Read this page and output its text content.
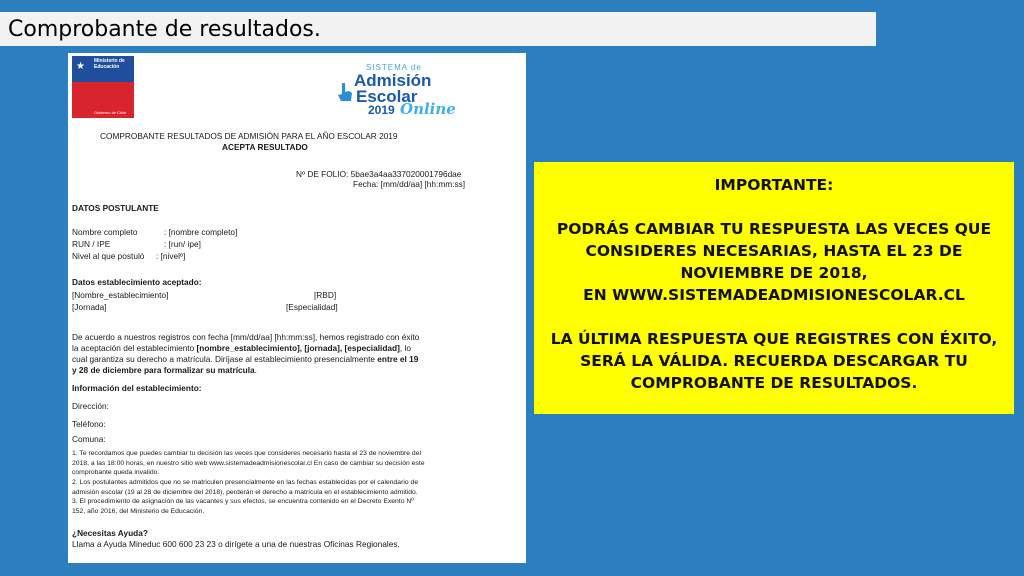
Comprobante de resultados.
★ Ministerio de
Educación
Gobierno de Chile
SISTEMA de
Admisión
Escolar
2019 Online
COMPROBANTE RESULTADOS DE ADMISIÓN PARA EL AÑO ESCOLAR 2019
ACEPTA RESULTADO
Nº DE FOLIO: 5bae3a4aa337020001796dae
Fecha: [mm/dd/aa] [hh:mm:ss]
DATOS POSTULANTE
Nombre completo	: [nombre completo]
RUN / IPE	: [run/ ipe]
Nivel al que postuló : [nivelº]
Datos establecimiento aceptado:
[Nombre_establecimiento]	[RBD]
[Jornada]	[Especialidad]
De acuerdo a nuestros registros con fecha [mm/dd/aa] [hh:mm:ss], hemos registrado con éxito
la aceptación del establecimiento [nombre_establecimiento], [jornada], [especialidad], lo
cual garantiza su derecho a matrícula. Diríjase al establecimiento presencialmente entre el 19
y 28 de diciembre para formalizar su matrícula.
Información del establecimiento:
Dirección:
Teléfono:
Comuna:
1. Te recordamos que puedes cambiar tu decisión las veces que consideres necesario hasta el 23 de noviembre del
2018, a las 18:00 horas, en nuestro sitio web www.sistemadeadmisionescolar.cl En caso de cambiar su decisión este
comprobante queda invalido.
2. Los postulantes admitidos que no se matriculen presencialmente en las fechas establecidas por el calendario de
admisión escolar (19 al 28 de diciembre del 2018), perderán el derecho a matrícula en el establecimiento admitido.
3. El procedimiento de asignación de las vacantes y sus efectos, se encuentra contenido en el Decreto Exento Nº
152, año 2016, del Ministerio de Educación.
¿Necesitas Ayuda?
Llama a Ayuda Mineduc 600 600 23 23 o dirígete a una de nuestras Oficinas Regionales.
IMPORTANTE:
PODRÁS CAMBIAR TU RESPUESTA LAS VECES QUE
CONSIDERES NECESARIAS, HASTA EL 23 DE
NOVIEMBRE DE 2018,
EN WWW.SISTEMADEADMISIONESCOLAR.CL
LA ÚLTIMA RESPUESTA QUE REGISTRES CON ÉXITO,
SERÁ LA VÁLIDA. RECUERDA DESCARGAR TU
COMPROBANTE DE RESULTADOS.
